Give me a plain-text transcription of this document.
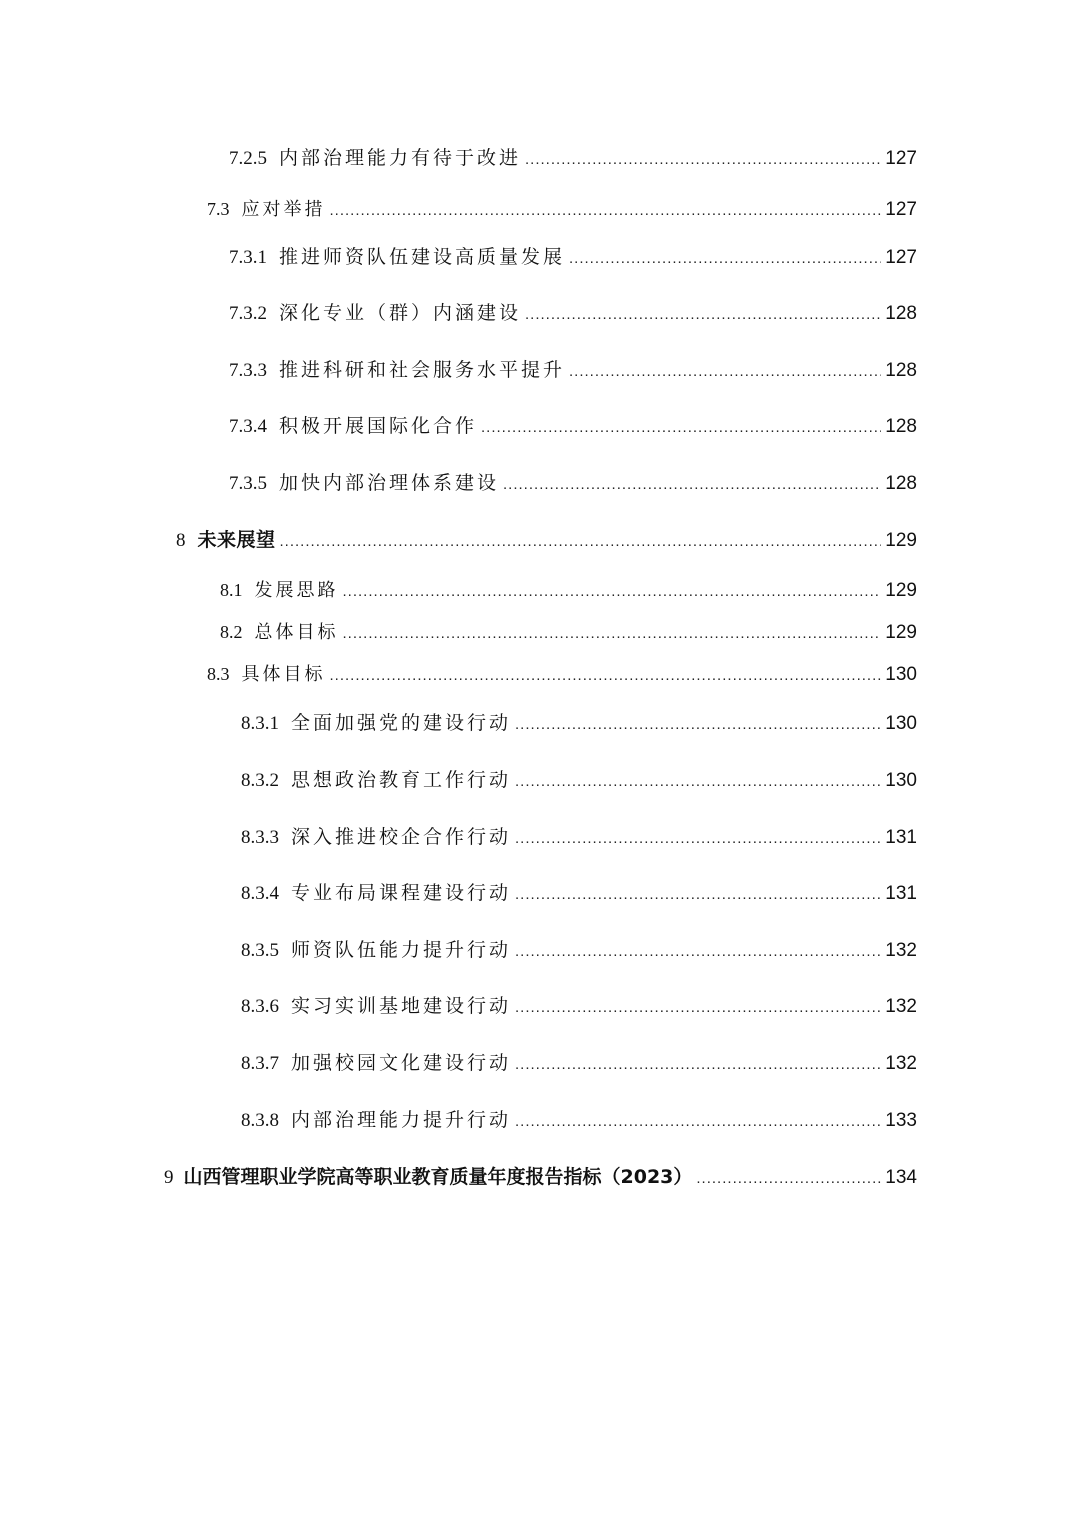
7.2.5 内部治理能力有待于改进 .....	127
7.3 应对举措 .....	127
7.3.1 推进师资队伍建设高质量发展 .....	127
7.3.2 深化专业（群）内涵建设 .....	128
7.3.3 推进科研和社会服务水平提升 .....	128
7.3.4 积极开展国际化合作 .....	128
7.3.5 加快内部治理体系建设 .....	128
8 未来展望 .....	129
8.1 发展思路 .....	129
8.2 总体目标 .....	129
8.3 具体目标 .....	130
8.3.1 全面加强党的建设行动 .....	130
8.3.2 思想政治教育工作行动 .....	130
8.3.3 深入推进校企合作行动 .....	131
8.3.4 专业布局课程建设行动 .....	131
8.3.5 师资队伍能力提升行动 .....	132
8.3.6 实习实训基地建设行动 .....	132
8.3.7 加强校园文化建设行动 .....	132
8.3.8 内部治理能力提升行动 .....	133
9 山西管理职业学院高等职业教育质量年度报告指标（2023） .....	134
